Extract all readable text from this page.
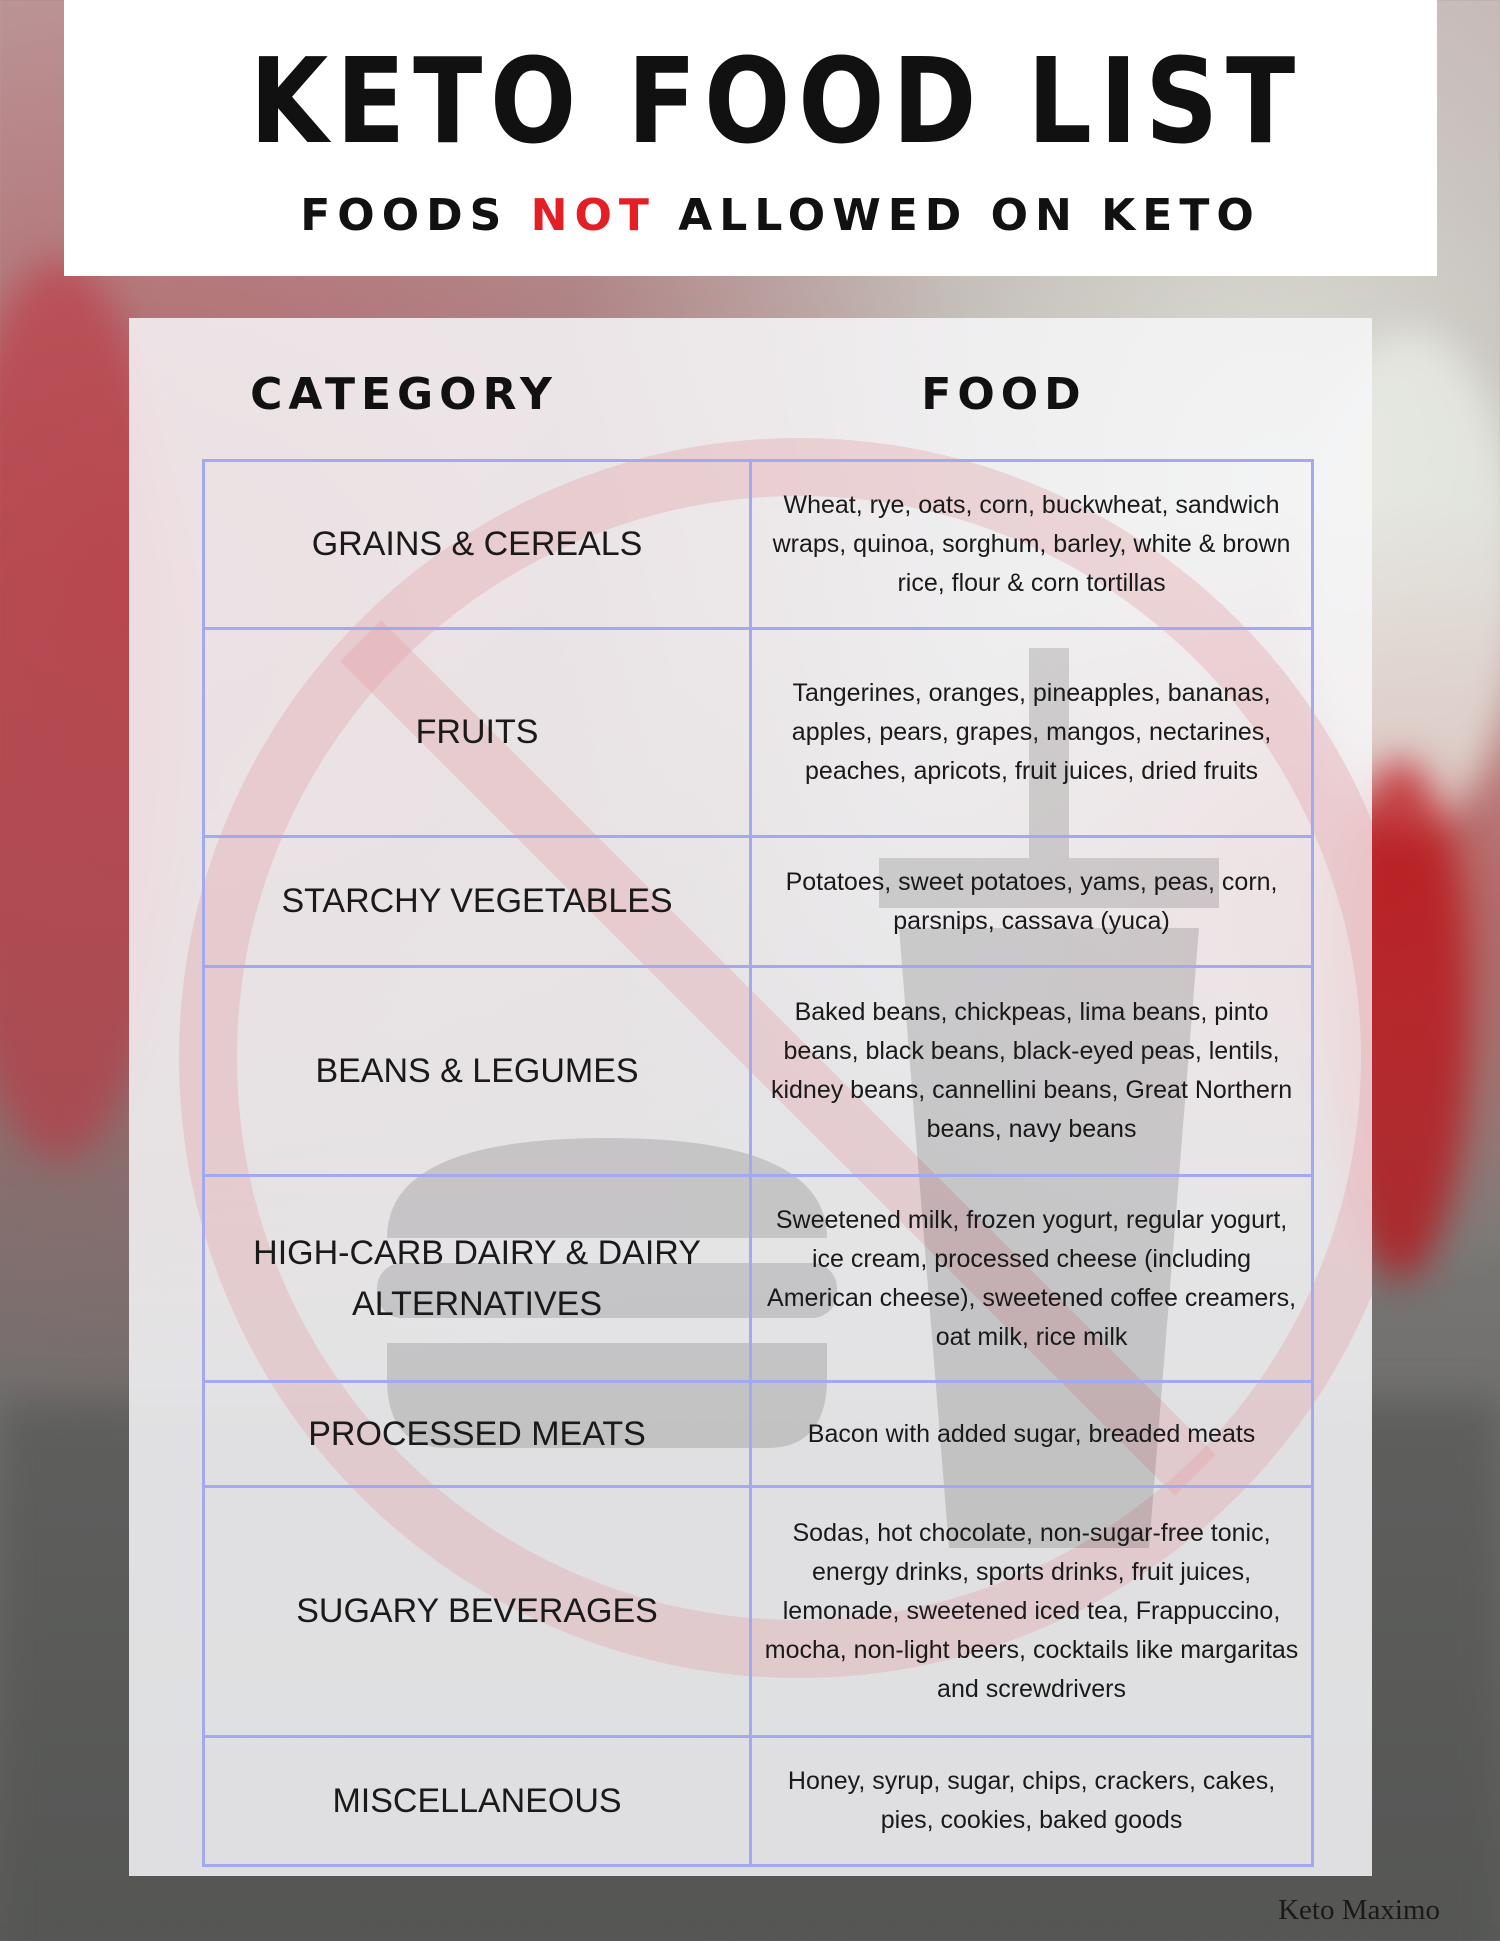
KETO FOOD LIST
FOODS NOT ALLOWED ON KETO
CATEGORY	FOOD
GRAINS & CEREALS	Wheat, rye, oats, corn, buckwheat, sandwich wraps, quinoa, sorghum, barley, white & brown rice, flour & corn tortillas
FRUITS	Tangerines, oranges, pineapples, bananas, apples, pears, grapes, mangos, nectarines, peaches, apricots, fruit juices, dried fruits
STARCHY VEGETABLES	Potatoes, sweet potatoes, yams, peas, corn, parsnips, cassava (yuca)
BEANS & LEGUMES	Baked beans, chickpeas, lima beans, pinto beans, black beans, black-eyed peas, lentils, kidney beans, cannellini beans, Great Northern beans, navy beans
HIGH-CARB DAIRY & DAIRY ALTERNATIVES	Sweetened milk, frozen yogurt, regular yogurt, ice cream, processed cheese (including American cheese), sweetened coffee creamers, oat milk, rice milk
PROCESSED MEATS	Bacon with added sugar, breaded meats
SUGARY BEVERAGES	Sodas, hot chocolate, non-sugar-free tonic, energy drinks, sports drinks, fruit juices, lemonade, sweetened iced tea, Frappuccino, mocha, non-light beers, cocktails like margaritas and screwdrivers
MISCELLANEOUS	Honey, syrup, sugar, chips, crackers, cakes, pies, cookies, baked goods
Keto Maximo
